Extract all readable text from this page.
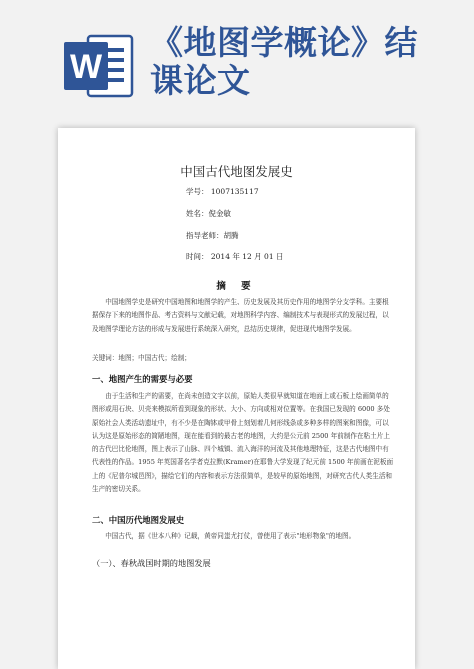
W
《地图学概论》结
课论文
中国古代地图发展史
学号： 1007135117
姓名：倪金敏
指导老师：胡腾
时间： 2014 年 12 月 01 日
摘 要
中国地图学史是研究中国地图和地图学的产生、历史发展及其历史作用的地图学分支学科。主要根据保存下来的地图作品、考古资料与文献记载，对地图科学内容、编制技术与表现形式的发展过程，以及地图学理论方法的形成与发展进行系统深入研究，总结历史规律，促进现代地图学发展。
关键词：地图；中国古代；绘制；
一、地图产生的需要与必要
由于生活和生产的需要，在尚未创造文字以前，原始人类很早就知道在地面上或石板上绘画简单的图形或用石块、贝壳来模拟所看到现象的形状、大小、方向或相对位置等。在我国已发现的 6000 多处原始社会人类活动遗址中，有不少是在陶钵或甲骨上刻划着几何形线条或多种多样的图案和图像，可以认为这是原始形态的简陋地图，现在能看到的最古老的地图，大约是公元前 2500 年前制作在粘土片上的古代巴比伦地图，图上表示了山脉、四个城镇、流入海洋的河流及其他地理特征，这是古代地图中有代表性的作品。1955 年英国著名学者克拉默(Kramer)在耶鲁大学发现了纪元前 1500 年前画在泥板面上的《尼普尔城邑图》，描绘它们的内容和表示方法很简单，是较早的原始地图，对研究古代人类生活和生产的密切关系。
二、中国历代地图发展史
中国古代，据《世本八种》记载，黄帝同蚩尤打仗，曾使用了表示"地形物象"的地图。
（一）、春秋战国时期的地图发展
